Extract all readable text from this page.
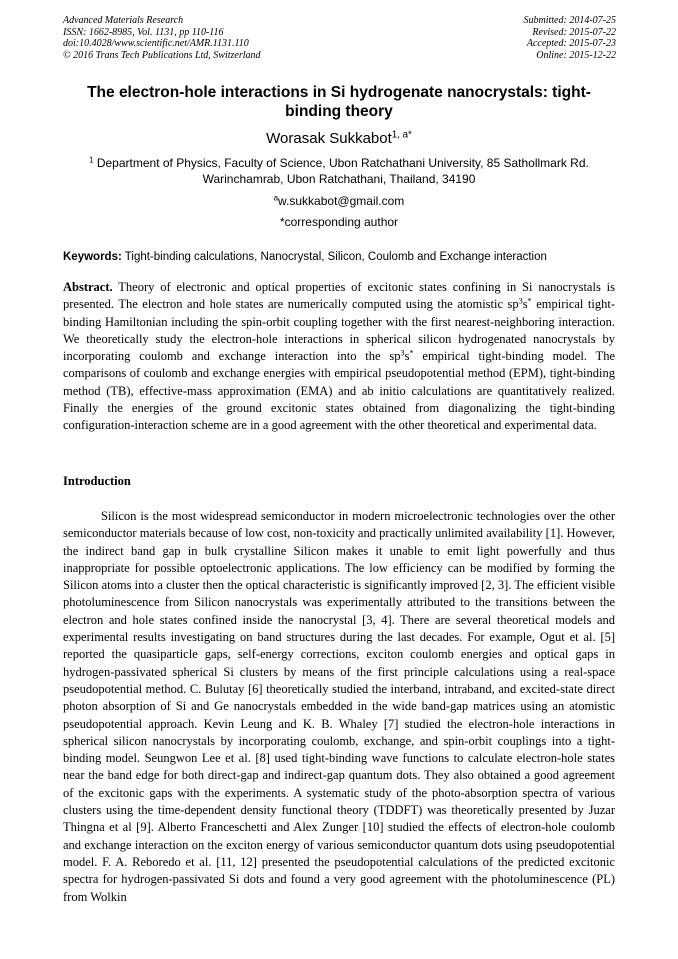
Advanced Materials Research
ISSN: 1662-8985, Vol. 1131, pp 110-116
doi:10.4028/www.scientific.net/AMR.1131.110
© 2016 Trans Tech Publications Ltd, Switzerland
Submitted: 2014-07-25
Revised: 2015-07-22
Accepted: 2015-07-23
Online: 2015-12-22
The electron-hole interactions in Si hydrogenate nanocrystals: tight-binding theory
Worasak Sukkabot$^{1, a*}$
$^1$ Department of Physics, Faculty of Science, Ubon Ratchathani University, 85 Sathollmark Rd. Warinchamrab, Ubon Ratchathani, Thailand, 34190
$^a$w.sukkabot@gmail.com
*corresponding author
Keywords: Tight-binding calculations, Nanocrystal, Silicon, Coulomb and Exchange interaction
Abstract. Theory of electronic and optical properties of excitonic states confining in Si nanocrystals is presented. The electron and hole states are numerically computed using the atomistic $sp^3s^*$ empirical tight-binding Hamiltonian including the spin-orbit coupling together with the first nearest-neighboring interaction. We theoretically study the electron-hole interactions in spherical silicon hydrogenated nanocrystals by incorporating coulomb and exchange interaction into the $sp^3s^*$ empirical tight-binding model. The comparisons of coulomb and exchange energies with empirical pseudopotential method (EPM), tight-binding method (TB), effective-mass approximation (EMA) and ab initio calculations are quantitatively realized. Finally the energies of the ground excitonic states obtained from diagonalizing the tight-binding configuration-interaction scheme are in a good agreement with the other theoretical and experimental data.
Introduction

Silicon is the most widespread semiconductor in modern microelectronic technologies over the other semiconductor materials because of low cost, non-toxicity and practically unlimited availability [1]. However, the indirect band gap in bulk crystalline Silicon makes it unable to emit light powerfully and thus inappropriate for possible optoelectronic applications. The low efficiency can be modified by forming the Silicon atoms into a cluster then the optical characteristic is significantly improved [2, 3]. The efficient visible photoluminescence from Silicon nanocrystals was experimentally attributed to the transitions between the electron and hole states confined inside the nanocrystal [3, 4]. There are several theoretical models and experimental results investigating on band structures during the last decades. For example, Ogut et al. [5] reported the quasiparticle gaps, self-energy corrections, exciton coulomb energies and optical gaps in hydrogen-passivated spherical Si clusters by means of the first principle calculations using a real-space pseudopotential method. C. Bulutay [6] theoretically studied the interband, intraband, and excited-state direct photon absorption of Si and Ge nanocrystals embedded in the wide band-gap matrices using an atomistic pseudopotential approach. Kevin Leung and K. B. Whaley [7] studied the electron-hole interactions in spherical silicon nanocrystals by incorporating coulomb, exchange, and spin-orbit couplings into a tight-binding model. Seungwon Lee et al. [8] used tight-binding wave functions to calculate electron-hole states near the band edge for both direct-gap and indirect-gap quantum dots. They also obtained a good agreement of the excitonic gaps with the experiments. A systematic study of the photo-absorption spectra of various clusters using the time-dependent density functional theory (TDDFT) was theoretically presented by Juzar Thingna et al [9]. Alberto Franceschetti and Alex Zunger [10] studied the effects of electron-hole coulomb and exchange interaction on the exciton energy of various semiconductor quantum dots using pseudopotential model. F. A. Reboredo et al. [11, 12] presented the pseudopotential calculations of the predicted excitonic spectra for hydrogen-passivated Si dots and found a very good agreement with the photoluminescence (PL) from Wolkin
